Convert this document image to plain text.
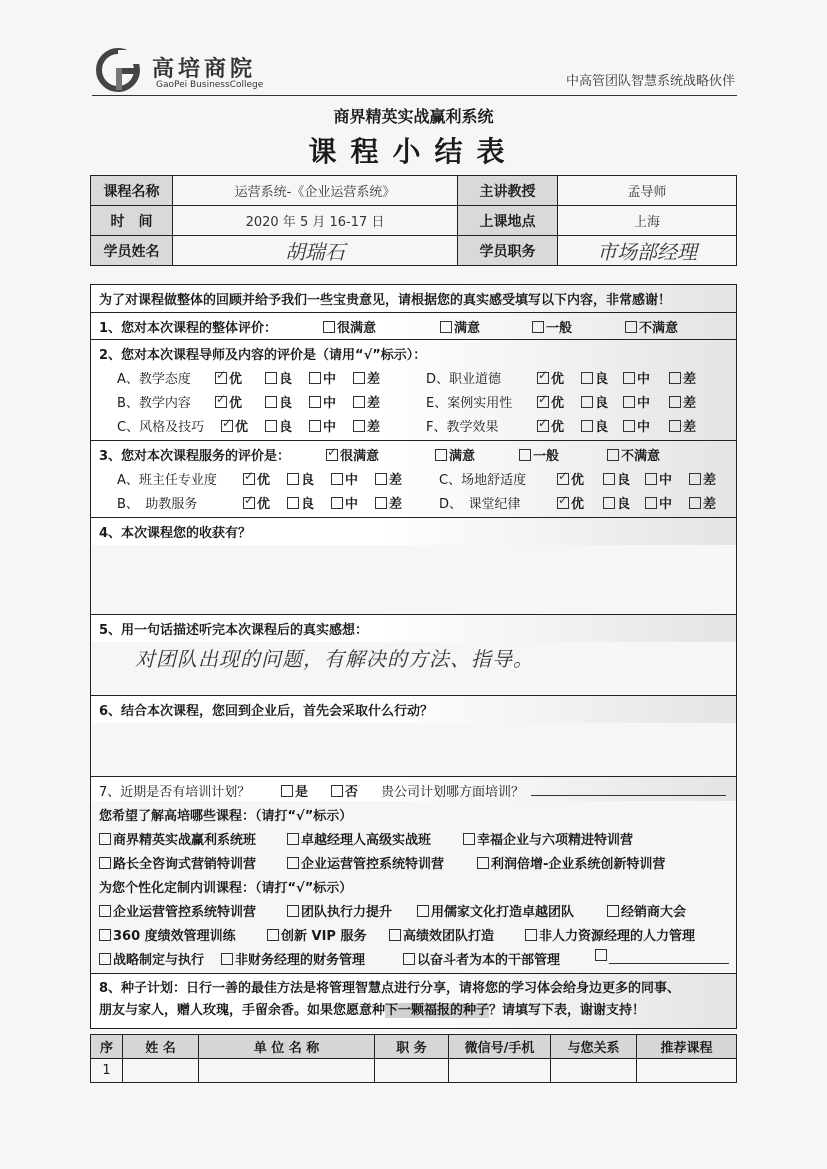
高培商院
GaoPei BusinessCollege	中高管团队智慧系统战略伙伴
商界精英实战赢利系统
课程小结表
课程名称	运营系统-《企业运营系统》	主讲教授	孟导师
时　间	2020 年 5 月 16-17 日	上课地点	上海
学员姓名	胡瑞石	学员职务	市场部经理
为了对课程做整体的回顾并给予我们一些宝贵意见，请根据您的真实感受填写以下内容，非常感谢！
1、您对本次课程的整体评价：	很满意	满意	一般	不满意
2、您对本次课程导师及内容的评价是（请用“√”标示）：
A、教学态度 ✓	优	良	中	差	D、职业道德 ✓	优	良	中	差
B、教学内容 ✓	优	良	中	差	E、案例实用性 ✓	优	良	中	差
C、风格及技巧 ✓	优	良	中	差	F、教学效果 ✓	优	良	中	差
3、您对本次课程服务的评价是： ✓	很满意	满意	一般	不满意
A、班主任专业度 ✓	优	良	中	差	C、场地舒适度 ✓	优	良	中	差
B、　助教服务 ✓	优	良	中	差	D、　课堂纪律 ✓	优	良	中	差
4、本次课程您的收获有？
5、用一句话描述听完本次课程后的真实感想：
对团队出现的问题，有解决的方法、指导。
6、结合本次课程，您回到企业后，首先会采取什么行动？
7、近期是否有培训计划？	是	否 贵公司计划哪方面培训？
您希望了解高培哪些课程：（请打“√”标示）
商界精英实战赢利系统班	卓越经理人高级实战班	幸福企业与六项精进特训营
路长全咨询式营销特训营	企业运营管控系统特训营	利润倍增-企业系统创新特训营
为您个性化定制内训课程：（请打“√”标示）
企业运营管控系统特训营	团队执行力提升	用儒家文化打造卓越团队	经销商大会
360 度绩效管理训练	创新 VIP 服务	高绩效团队打造	非人力资源经理的人力管理
战略制定与执行	非财务经理的财务管理	以奋斗者为本的干部管理
8、种子计划：日行一善的最佳方法是将管理智慧点进行分享，请将您的学习体会给身边更多的同事、
朋友与家人，赠人玫瑰，手留余香。如果您愿意种下一颗福报的种子？请填写下表，谢谢支持！
序	姓 名	单 位 名 称	职 务	微信号/手机	与您关系	推荐课程
1						
